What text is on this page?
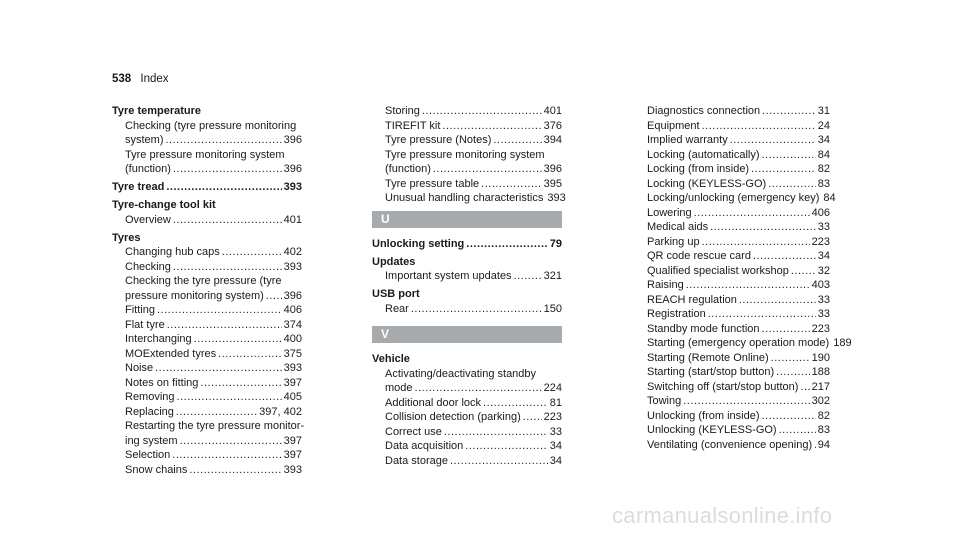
538 Index
Tyre temperature
Checking (tyre pressure monitoring
system) .....	396
Tyre pressure monitoring system
(function) .....	396
Tyre tread .....	393
Tyre-change tool kit
Overview .....	401
Tyres
Changing hub caps .....	402
Checking .....	393
Checking the tyre pressure (tyre
pressure monitoring system) ..... 396
Fitting .....	406
Flat tyre .....	374
Interchanging .....	400
MOExtended tyres .....	375
Noise .....	393
Notes on fitting .....	397
Removing .....	405
Replacing .....	397, 402
Restarting the tyre pressure monitor-
ing system .....	397
Selection .....	397
Snow chains .....	393
Storing .....	401
TIREFIT kit .....	376
Tyre pressure (Notes) .....	394
Tyre pressure monitoring system
(function) .....	396
Tyre pressure table .....	395
Unusual handling characteristics 393
U
Unlocking setting .....	79
Updates
Important system updates .....	321
USB port
Rear .....	150
V
Vehicle
Activating/deactivating standby
mode .....	224
Additional door lock .....	81
Collision detection (parking) ..... 223
Correct use .....	33
Data acquisition .....	34
Data storage .....	34
Diagnostics connection .....	31
Equipment .....	24
Implied warranty .....	34
Locking (automatically) .....	84
Locking (from inside) .....	82
Locking (KEYLESS-GO) .....	83
Locking/unlocking (emergency key) 84
Lowering .....	406
Medical aids .....	33
Parking up .....	223
QR code rescue card .....	34
Qualified specialist workshop .....	32
Raising .....	403
REACH regulation .....	33
Registration .....	33
Standby mode function .....	223
Starting (emergency operation mode) 189
Starting (Remote Online) .....	190
Starting (start/stop button) .....	188
Switching off (start/stop button) ..... 217
Towing .....	302
Unlocking (from inside) .....	82
Unlocking (KEYLESS-GO) .....	83
Ventilating (convenience opening) ..... 94
carmanualsonline.info
